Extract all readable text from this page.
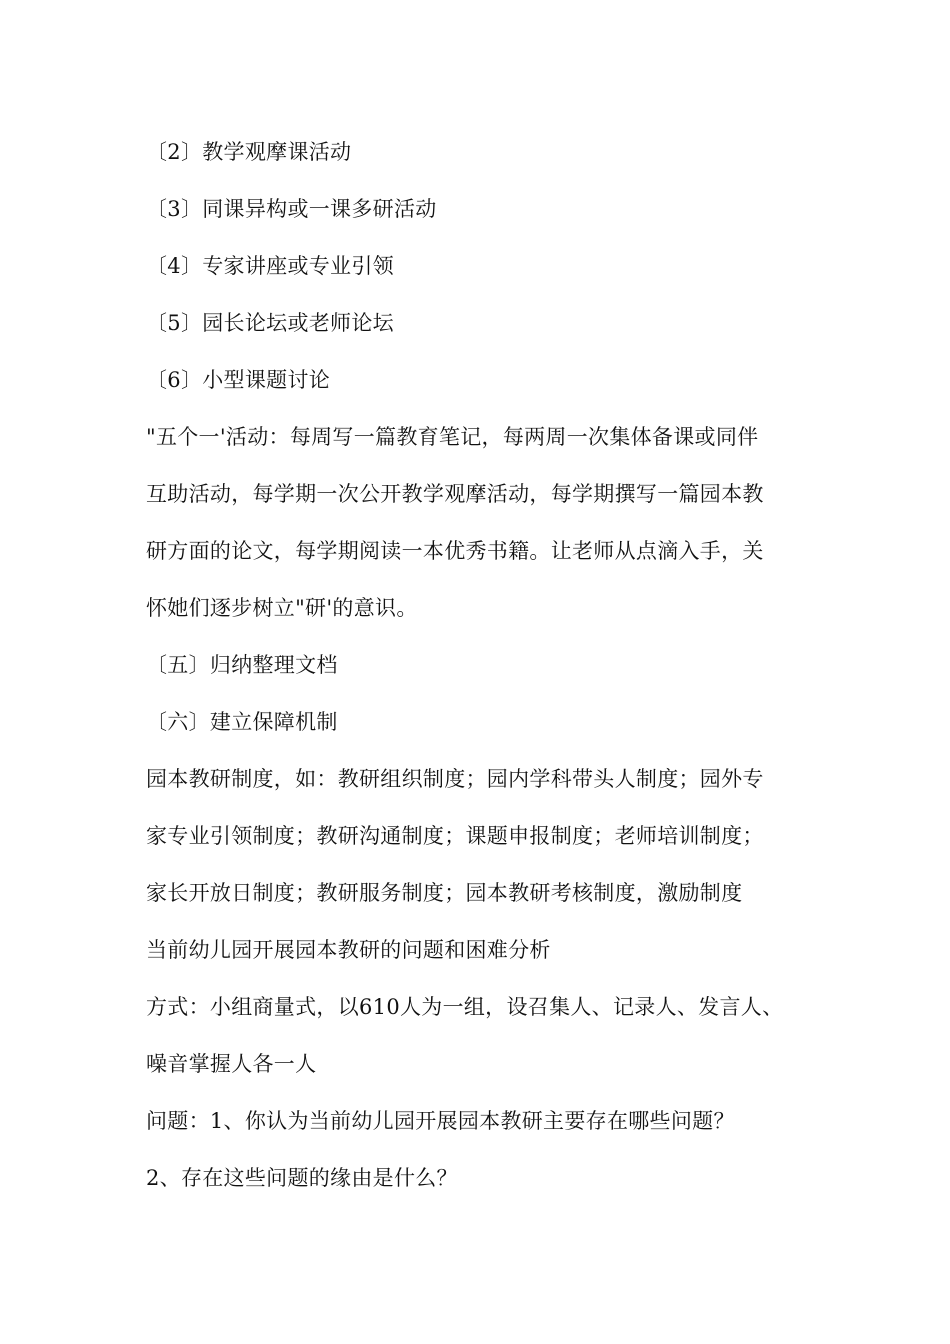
〔2〕教学观摩课活动
〔3〕同课异构或一课多研活动
〔4〕专家讲座或专业引领
〔5〕园长论坛或老师论坛
〔6〕小型课题讨论
"五个一'活动：每周写一篇教育笔记，每两周一次集体备课或同伴
互助活动，每学期一次公开教学观摩活动，每学期撰写一篇园本教
研方面的论文，每学期阅读一本优秀书籍。让老师从点滴入手，关
怀她们逐步树立"研'的意识。
〔五〕归纳整理文档
〔六〕建立保障机制
园本教研制度，如：教研组织制度；园内学科带头人制度；园外专
家专业引领制度；教研沟通制度；课题申报制度；老师培训制度；
家长开放日制度；教研服务制度；园本教研考核制度，激励制度
当前幼儿园开展园本教研的问题和困难分析
方式：小组商量式，以610人为一组，设召集人、记录人、发言人、
噪音掌握人各一人
问题：1、你认为当前幼儿园开展园本教研主要存在哪些问题？
2、存在这些问题的缘由是什么？
